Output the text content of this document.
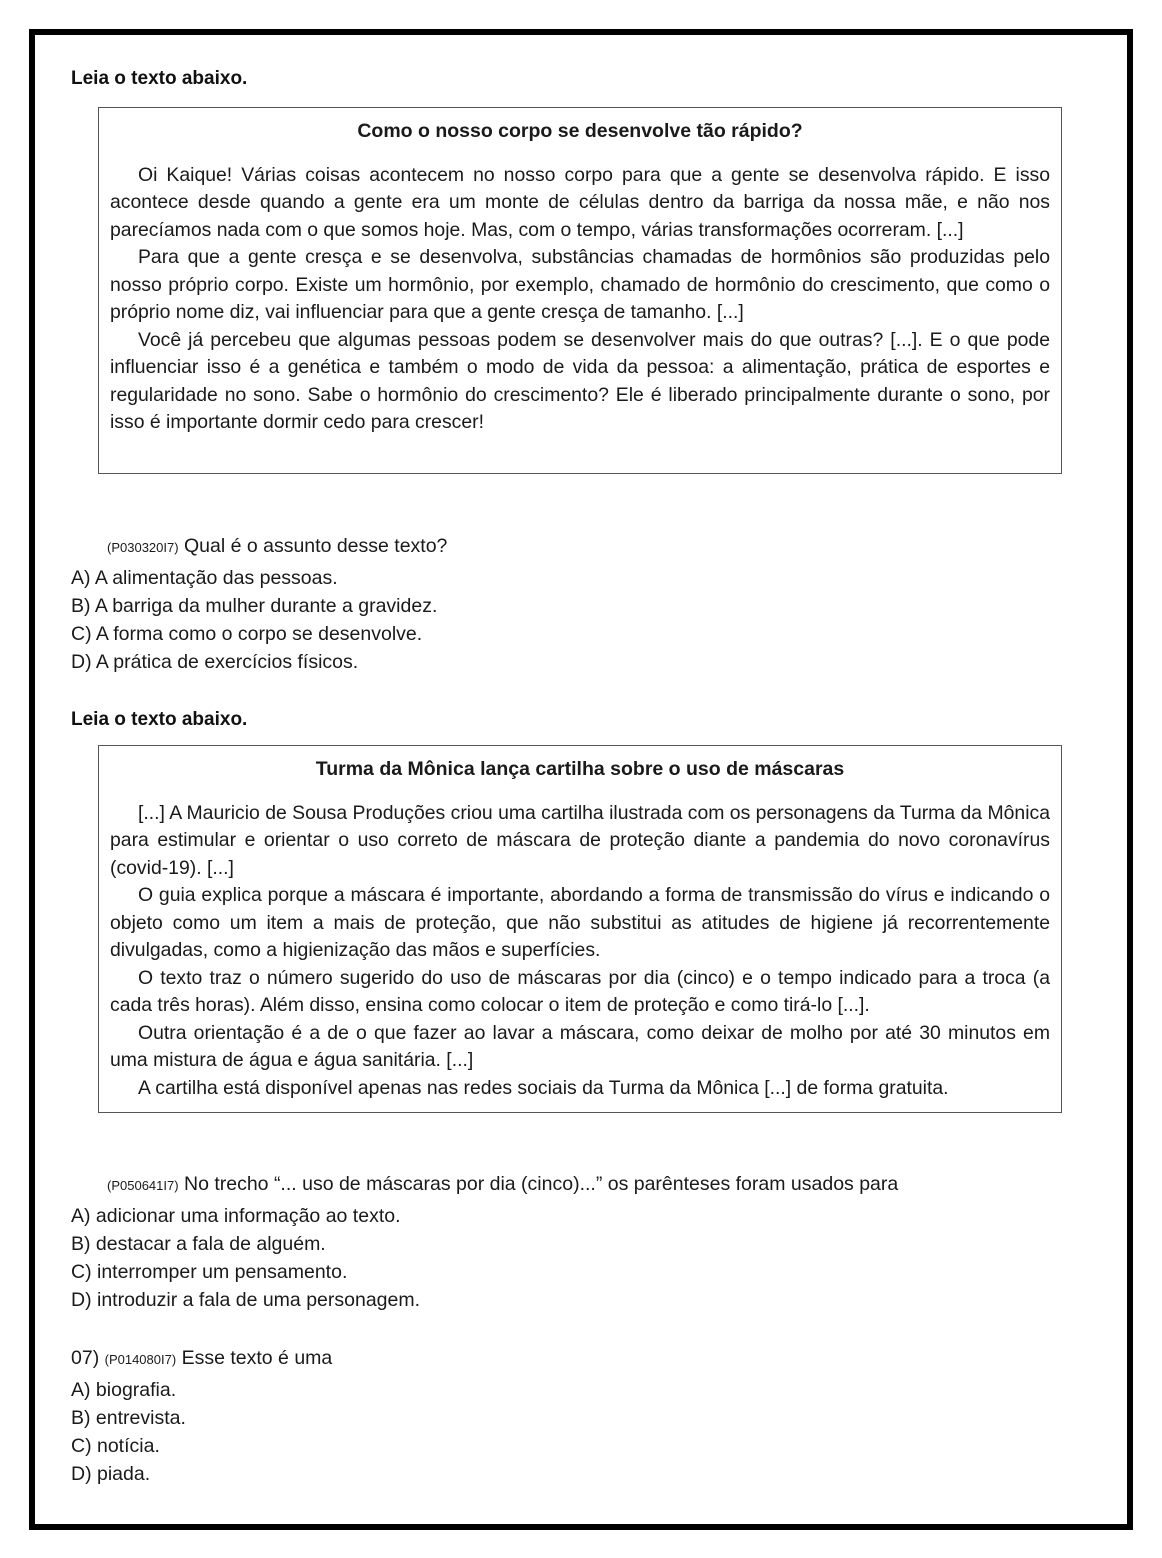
Leia o texto abaixo.
Como o nosso corpo se desenvolve tão rápido?

Oi Kaique! Várias coisas acontecem no nosso corpo para que a gente se desenvolva rápido. E isso acontece desde quando a gente era um monte de células dentro da barriga da nossa mãe, e não nos parecíamos nada com o que somos hoje. Mas, com o tempo, várias transformações ocorreram. [...]

Para que a gente cresça e se desenvolva, substâncias chamadas de hormônios são produzidas pelo nosso próprio corpo. Existe um hormônio, por exemplo, chamado de hormônio do crescimento, que como o próprio nome diz, vai influenciar para que a gente cresça de tamanho. [...]

Você já percebeu que algumas pessoas podem se desenvolver mais do que outras? [...]. E o que pode influenciar isso é a genética e também o modo de vida da pessoa: a alimentação, prática de esportes e regularidade no sono. Sabe o hormônio do crescimento? Ele é liberado principalmente durante o sono, por isso é importante dormir cedo para crescer!

(P030320I7) Qual é o assunto desse texto?
A) A alimentação das pessoas.
B) A barriga da mulher durante a gravidez.
C) A forma como o corpo se desenvolve.
D) A prática de exercícios físicos.
Leia o texto abaixo.
Turma da Mônica lança cartilha sobre o uso de máscaras

[...] A Mauricio de Sousa Produções criou uma cartilha ilustrada com os personagens da Turma da Mônica para estimular e orientar o uso correto de máscara de proteção diante a pandemia do novo coronavírus (covid-19). [...]

O guia explica porque a máscara é importante, abordando a forma de transmissão do vírus e indicando o objeto como um item a mais de proteção, que não substitui as atitudes de higiene já recorrentemente divulgadas, como a higienização das mãos e superfícies.

O texto traz o número sugerido do uso de máscaras por dia (cinco) e o tempo indicado para a troca (a cada três horas). Além disso, ensina como colocar o item de proteção e como tirá-lo [...].

Outra orientação é a de o que fazer ao lavar a máscara, como deixar de molho por até 30 minutos em uma mistura de água e água sanitária. [...]

A cartilha está disponível apenas nas redes sociais da Turma da Mônica [...] de forma gratuita.

(P050641I7) No trecho “... uso de máscaras por dia (cinco)...” os parênteses foram usados para
A) adicionar uma informação ao texto.
B) destacar a fala de alguém.
C) interromper um pensamento.
D) introduzir a fala de uma personagem.
07) (P014080I7) Esse texto é uma
A) biografia.
B) entrevista.
C) notícia.
D) piada.
